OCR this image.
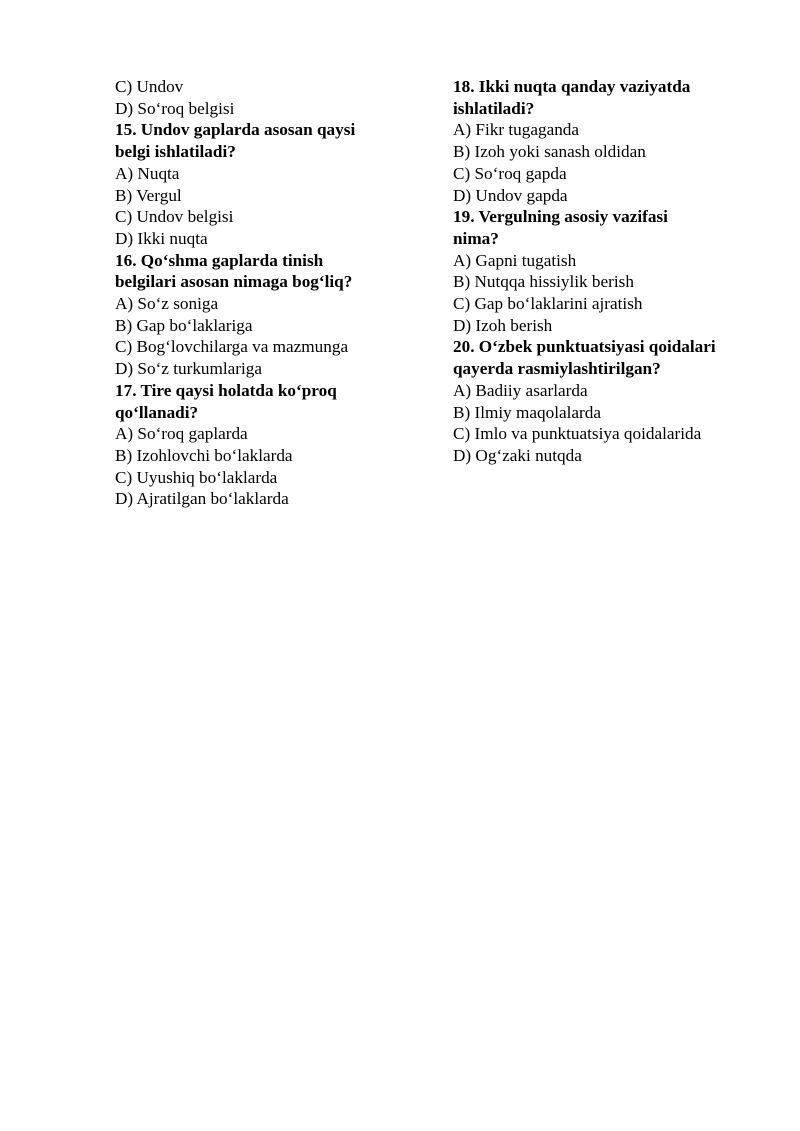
C) Undov
D) So‘roq belgisi
15. Undov gaplarda asosan qaysi
belgi ishlatiladi?
A) Nuqta
B) Vergul
C) Undov belgisi
D) Ikki nuqta
16. Qo‘shma gaplarda tinish
belgilari asosan nimaga bog‘liq?
A) So‘z soniga
B) Gap bo‘laklariga
C) Bog‘lovchilarga va mazmunga
D) So‘z turkumlariga
17. Tire qaysi holatda ko‘proq
qo‘llanadi?
A) So‘roq gaplarda
B) Izohlovchi bo‘laklarda
C) Uyushiq bo‘laklarda
D) Ajratilgan bo‘laklarda
18. Ikki nuqta qanday vaziyatda
ishlatiladi?
A) Fikr tugaganda
B) Izoh yoki sanash oldidan
C) So‘roq gapda
D) Undov gapda
19. Vergulning asosiy vazifasi
nima?
A) Gapni tugatish
B) Nutqqa hissiylik berish
C) Gap bo‘laklarini ajratish
D) Izoh berish
20. O‘zbek punktuatsiyasi qoidalari
qayerda rasmiylashtirilgan?
A) Badiiy asarlarda
B) Ilmiy maqolalarda
C) Imlo va punktuatsiya qoidalarida
D) Og‘zaki nutqda
